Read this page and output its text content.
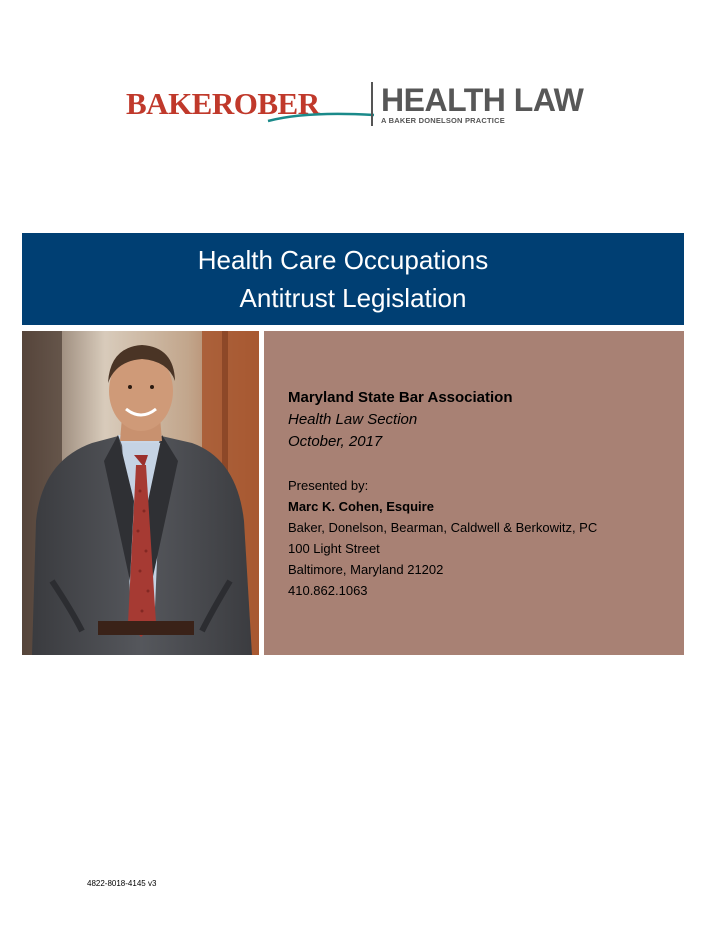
BAKEROBER HEALTH LAW
A BAKER DONELSON PRACTICE
Health Care Occupations
Antitrust Legislation
Maryland State Bar Association
Health Law Section
October, 2017
Presented by:
Marc K. Cohen, Esquire
Baker, Donelson, Bearman, Caldwell & Berkowitz, PC
100 Light Street
Baltimore, Maryland 21202
410.862.1063
4822-8018-4145 v3
